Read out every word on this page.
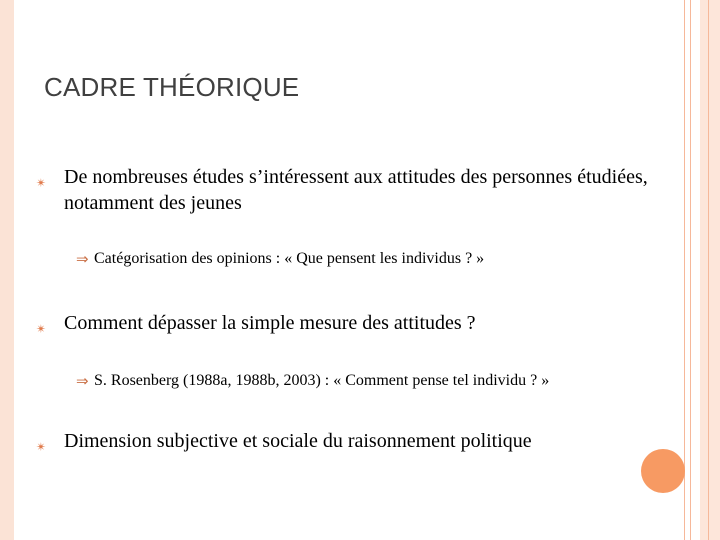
CADRE THÉORIQUE
✴ De nombreuses études s’intéressent aux attitudes des personnes étudiées, notamment des jeunes
⇒ Catégorisation des opinions : « Que pensent les individus ? »
✴ Comment dépasser la simple mesure des attitudes ?
⇒ S. Rosenberg (1988a, 1988b, 2003) : « Comment pense tel individu ? »
✴ Dimension subjective et sociale du raisonnement politique
